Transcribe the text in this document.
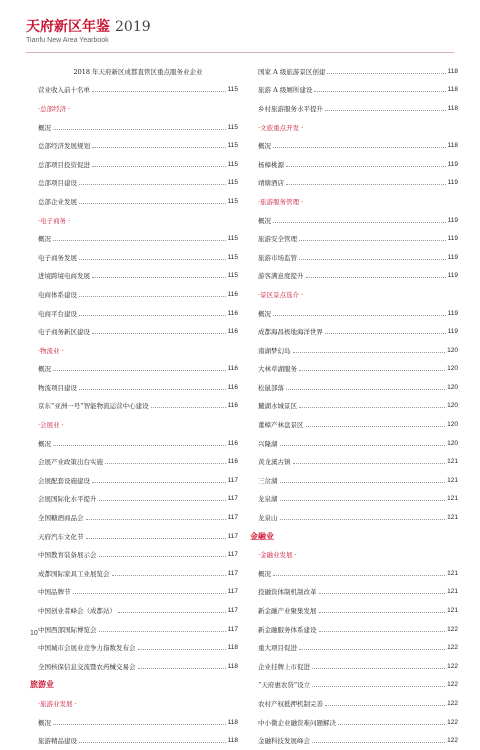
天府新区年鉴 2019
Tianfu New Area Yearbook
2018 年天府新区成都直管区重点服务业企业
营业收入前十名单	115
· 总部经济 ·
概况	115
总部经济发展规划	115
总部项目投资促进	115
总部项目建设	115
总部企业发展	115
· 电子商务 ·
概况	115
电子商务发展	115
进境跨境电商发展	115
电商体系建设	116
电商平台建设	116
电子商务新区建设	116
· 物流业 ·
概况	116
物流项目建设	116
京东“亚洲一号”智能物流运营中心建设	116
· 会展业 ·
概况	116
会展产业政策出台实施	116
会展配套设施建设	117
会展国际化水平提升	117
全国糖酒商品会	117
天府汽车文化节	117
中国教育装备展示会	117
成都国际家具工业展览会	117
中国品牌节	117
中国创业者峰会（成都站）	117
中国西部国际博览会	117
中国城市会展业竞争力指数发布会	118
全国核保信息交流暨农药械交易会	118
旅游业
· 旅游业发展 ·
概况	118
旅游精品建设	118
国家 A 级旅游景区创建	118
旅游 A 级厕所建设	118
乡村旅游服务水平提升	118
· 文旅重点开发 ·
概况	118
杨樟桃源	119
靖塘酒店	119
· 旅游服务管理 ·
概况	119
旅游安全管理	119
旅游市场监管	119
游客满意度提升	119
· 景区景点选介 ·
概况	119
成都海昌极地海洋世界	119
南湖梦幻岛	120
大林草湖服务	120
松鼠部落	120
麓湖水城景区	120
董樟产林盘景区	120
兴隆湖	120
黄龙溪古镇	121
三岔湖	121
龙泉湖	121
龙泉山	121
金融业
· 金融业发展 ·
概况	121
投融资体制机制改革	121
新金融产业聚集发展	121
新金融服务体系建设	122
重大项目促进	122
企业挂牌上市促进	122
“天府惠农贷”设立	122
农村产权抵押机制完善	122
中小微企业融资难问题解决	122
金融科技发展峰会	122
10
